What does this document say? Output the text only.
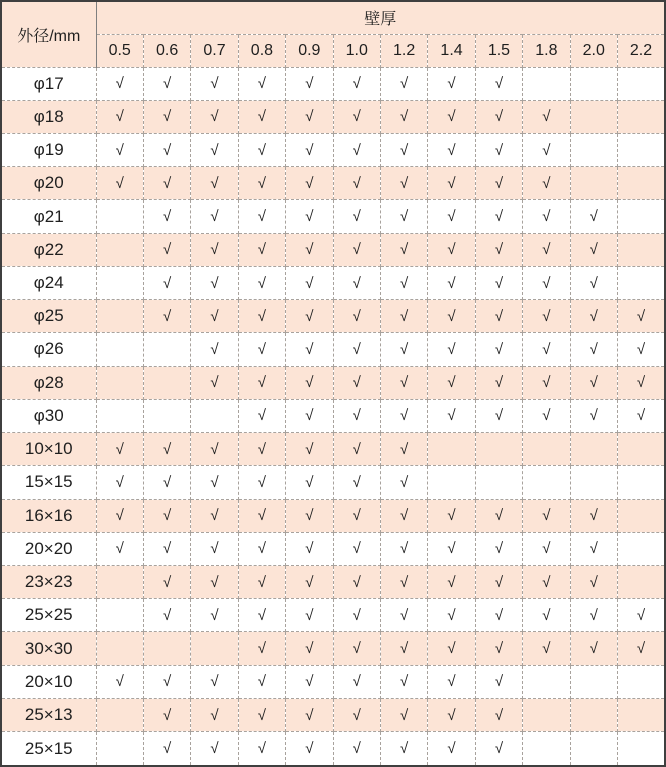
外径/mm	壁厚											
	0.5	0.6	0.7	0.8	0.9	1.0	1.2	1.4	1.5	1.8	2.0	2.2
φ17	√	√	√	√	√	√	√	√	√			
φ18	√	√	√	√	√	√	√	√	√	√		
φ19	√	√	√	√	√	√	√	√	√	√		
φ20	√	√	√	√	√	√	√	√	√	√		
φ21		√	√	√	√	√	√	√	√	√	√	
φ22		√	√	√	√	√	√	√	√	√	√	
φ24		√	√	√	√	√	√	√	√	√	√	
φ25		√	√	√	√	√	√	√	√	√	√	√
φ26			√	√	√	√	√	√	√	√	√	√
φ28			√	√	√	√	√	√	√	√	√	√
φ30				√	√	√	√	√	√	√	√	√
10×10	√	√	√	√	√	√	√					
15×15	√	√	√	√	√	√	√					
16×16	√	√	√	√	√	√	√	√	√	√	√	
20×20	√	√	√	√	√	√	√	√	√	√	√	
23×23		√	√	√	√	√	√	√	√	√	√	
25×25		√	√	√	√	√	√	√	√	√	√	√
30×30				√	√	√	√	√	√	√	√	√
20×10	√	√	√	√	√	√	√	√	√			
25×13		√	√	√	√	√	√	√	√			
25×15		√	√	√	√	√	√	√	√			
